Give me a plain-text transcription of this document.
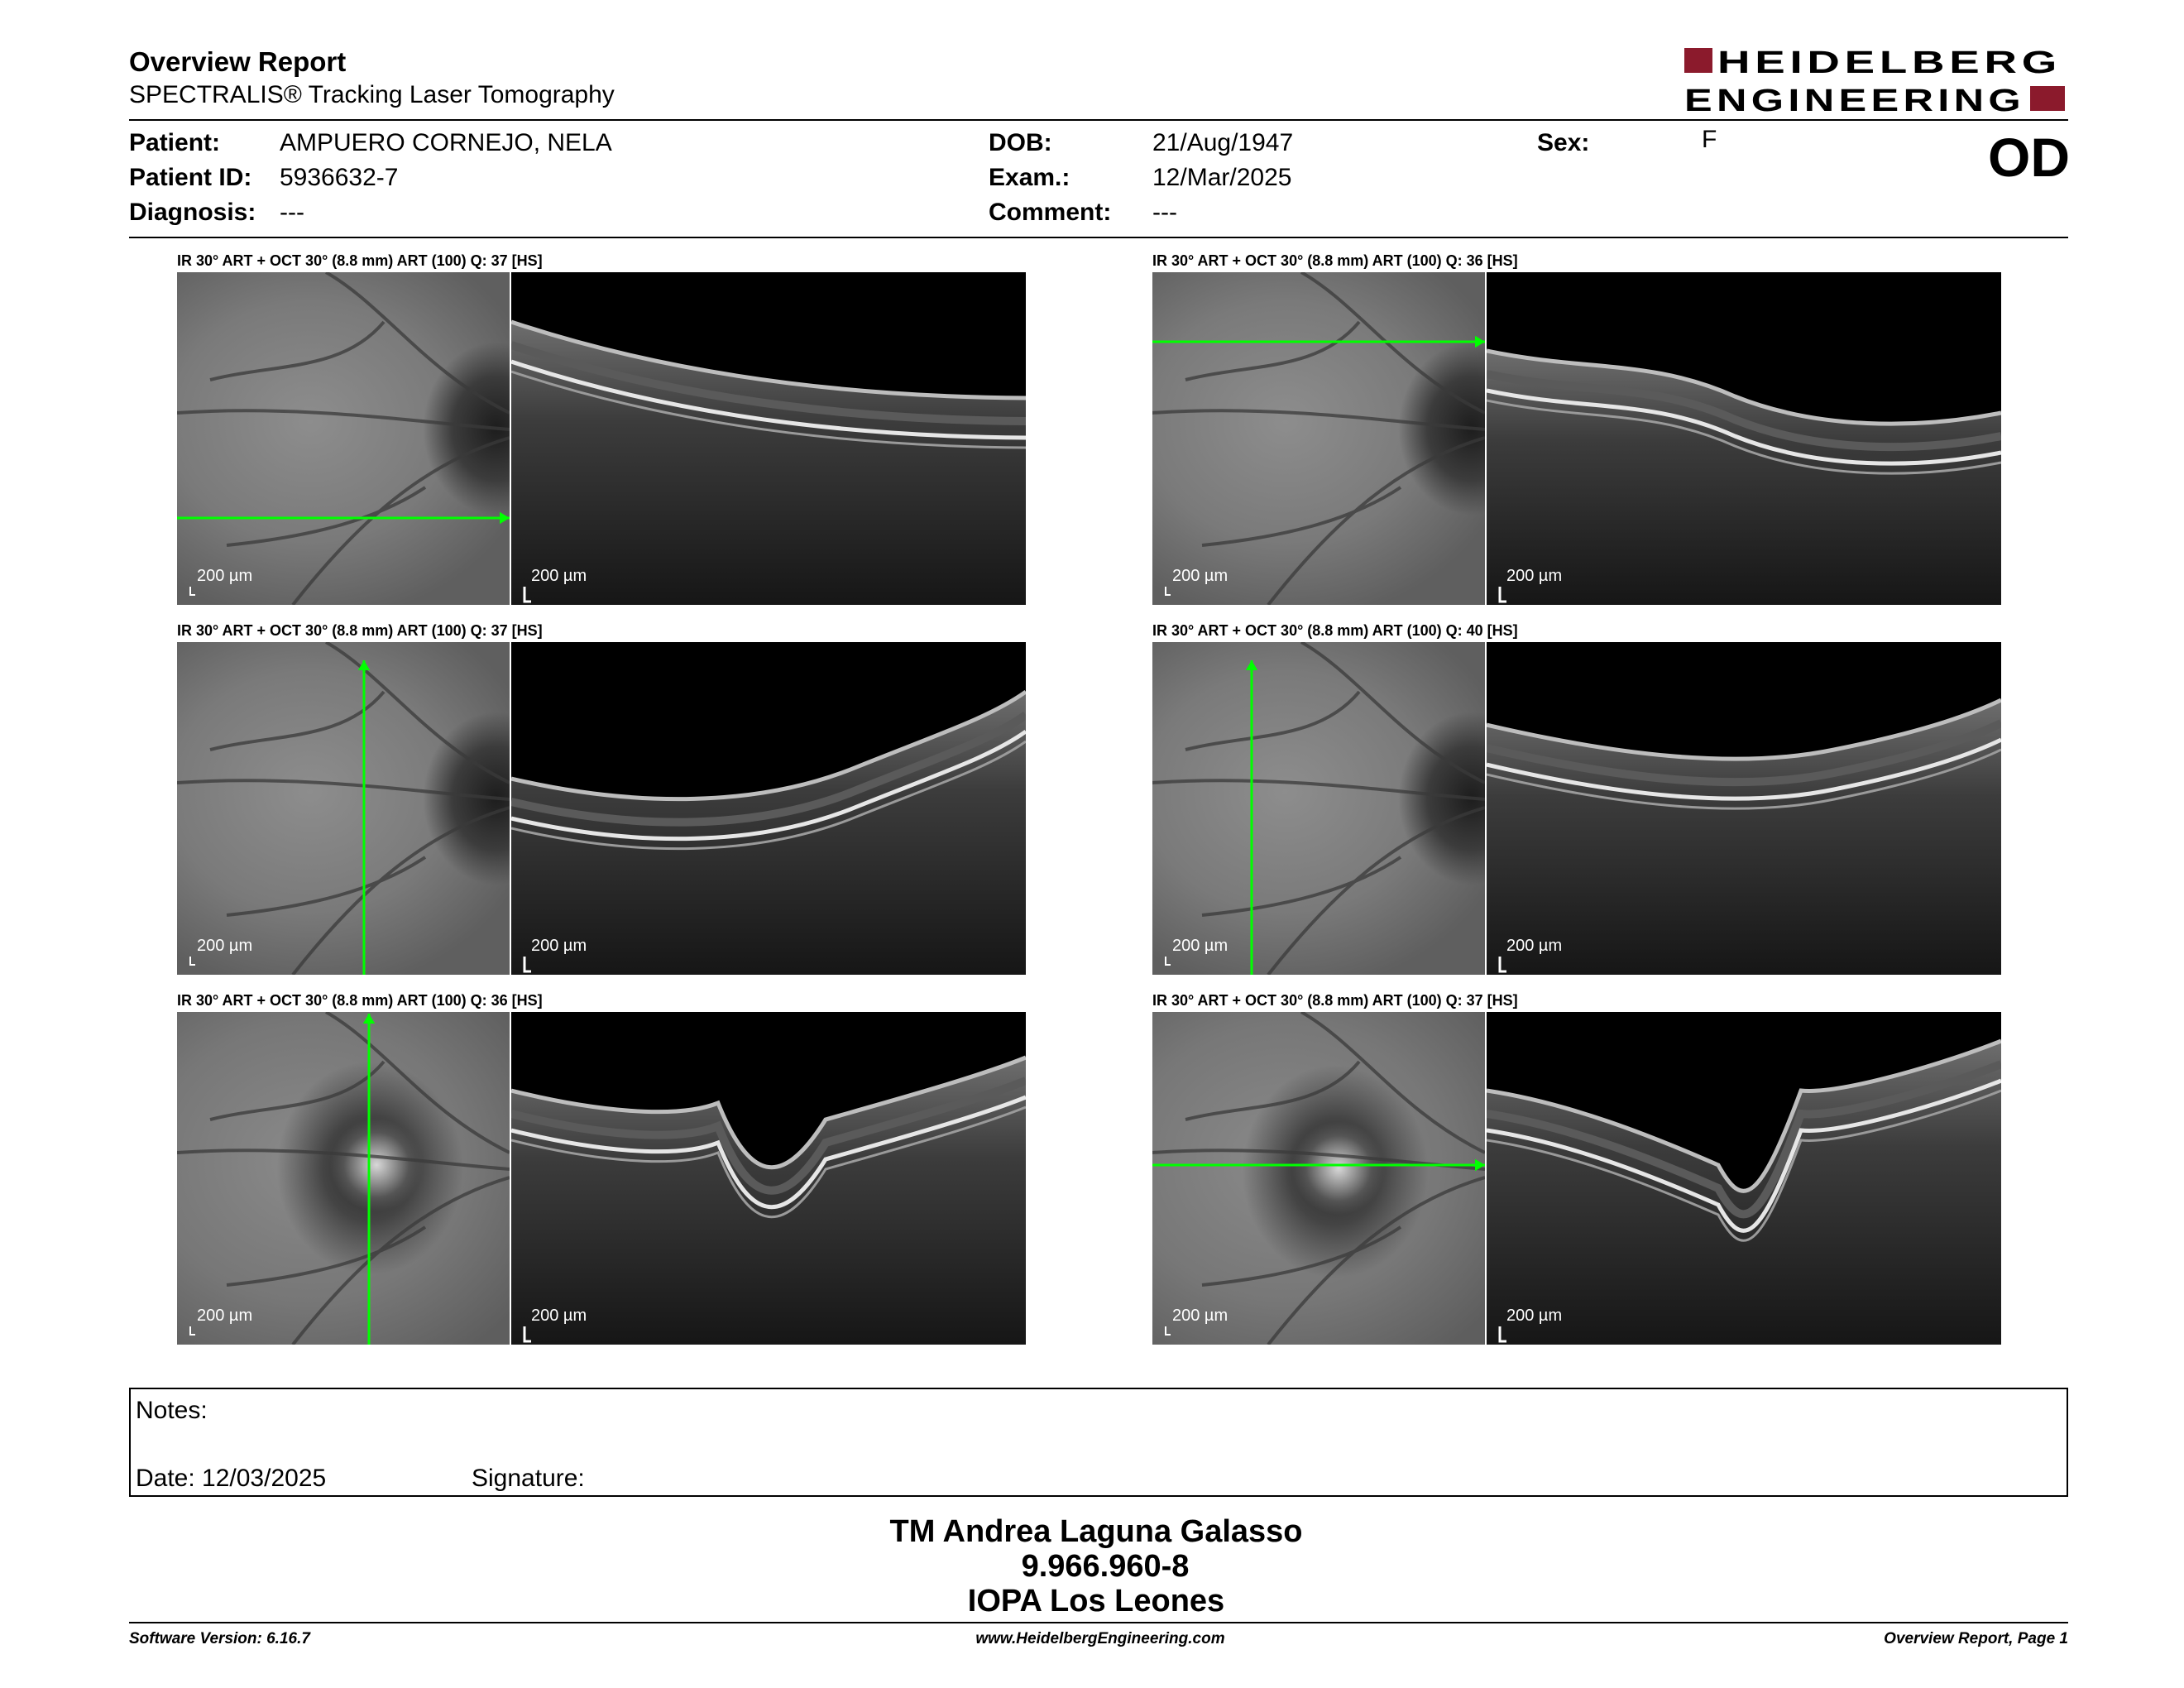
Overview Report
SPECTRALIS® Tracking Laser Tomography
HEIDELBERG
ENGINEERING
Patient: AMPUERO CORNEJO, NELA
Patient ID: 5936632-7
Diagnosis: ---
DOB:	21/Aug/1947
Exam.:	12/Mar/2025
Comment: ---
Sex:	F	OD
IR 30° ART + OCT 30° (8.8 mm) ART (100) Q: 37 [HS]
200 µm	200 µm
IR 30° ART + OCT 30° (8.8 mm) ART (100) Q: 36 [HS]
200 µm	200 µm
IR 30° ART + OCT 30° (8.8 mm) ART (100) Q: 37 [HS]
200 µm	200 µm
IR 30° ART + OCT 30° (8.8 mm) ART (100) Q: 40 [HS]
200 µm	200 µm
IR 30° ART + OCT 30° (8.8 mm) ART (100) Q: 36 [HS]
200 µm	200 µm
IR 30° ART + OCT 30° (8.8 mm) ART (100) Q: 37 [HS]
200 µm	200 µm
Notes:
Date: 12/03/2025	Signature:
TM Andrea Laguna Galasso
9.966.960-8
IOPA Los Leones
Software Version: 6.16.7	www.HeidelbergEngineering.com	Overview Report, Page 1
